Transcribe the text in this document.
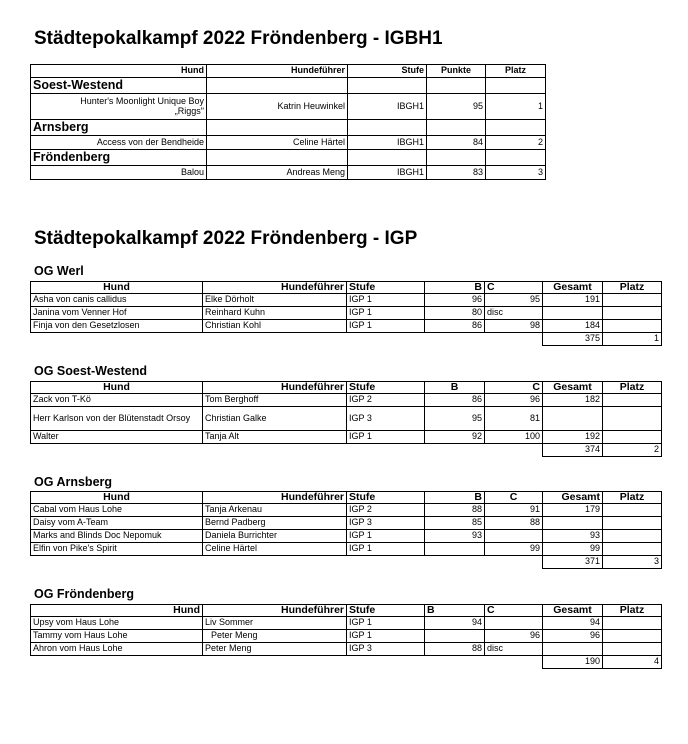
Städtepokalkampf 2022 Fröndenberg - IGBH1
Hund	Hundeführer	Stufe	Punkte	Platz
Soest-Westend				
Hunter's Moonlight Unique Boy
„Riggs"	Katrin Heuwinkel	IBGH1	95	1
Arnsberg				
Access von der Bendheide	Celine Härtel	IBGH1	84	2
Fröndenberg				
Balou	Andreas Meng	IBGH1	83	3
Städtepokalkampf 2022 Fröndenberg - IGP
OG Werl
Hund	Hundeführer	Stufe	B	C	Gesamt	Platz
Asha von canis callidus	Elke Dörholt	IGP 1	96	95	191	
Janina vom Venner Hof	Reinhard Kuhn	IGP 1	80	disc		
Finja von den Gesetzlosen	Christian Kohl	IGP 1	86	98	184	
					375	1
OG Soest-Westend
Hund	Hundeführer	Stufe	B	C	Gesamt	Platz
Zack von T-Kö	Tom Berghoff	IGP 2	86	96	182	
Herr Karlson von der Blütenstadt Orsoy	Christian Galke	IGP 3	95	81		
Walter	Tanja Alt	IGP 1	92	100	192	
					374	2
OG Arnsberg
Hund	Hundeführer	Stufe	B	C	Gesamt	Platz
Cabal vom Haus Lohe	Tanja Arkenau	IGP 2	88	91	179	
Daisy vom A-Team	Bernd Padberg	IGP 3	85	88		
Marks and Blinds Doc Nepomuk	Daniela Burrichter	IGP 1	93		93	
Elfin von Pike's Spirit	Celine Härtel	IGP 1		99	99	
					371	3
OG Fröndenberg
Hund	Hundeführer	Stufe	B	C	Gesamt	Platz
Upsy vom Haus Lohe	Liv Sommer	IGP 1	94		94	
Tammy vom Haus Lohe	Peter Meng	IGP 1		96	96	
Ahron vom Haus Lohe	Peter Meng	IGP 3	88	disc		
					190	4
